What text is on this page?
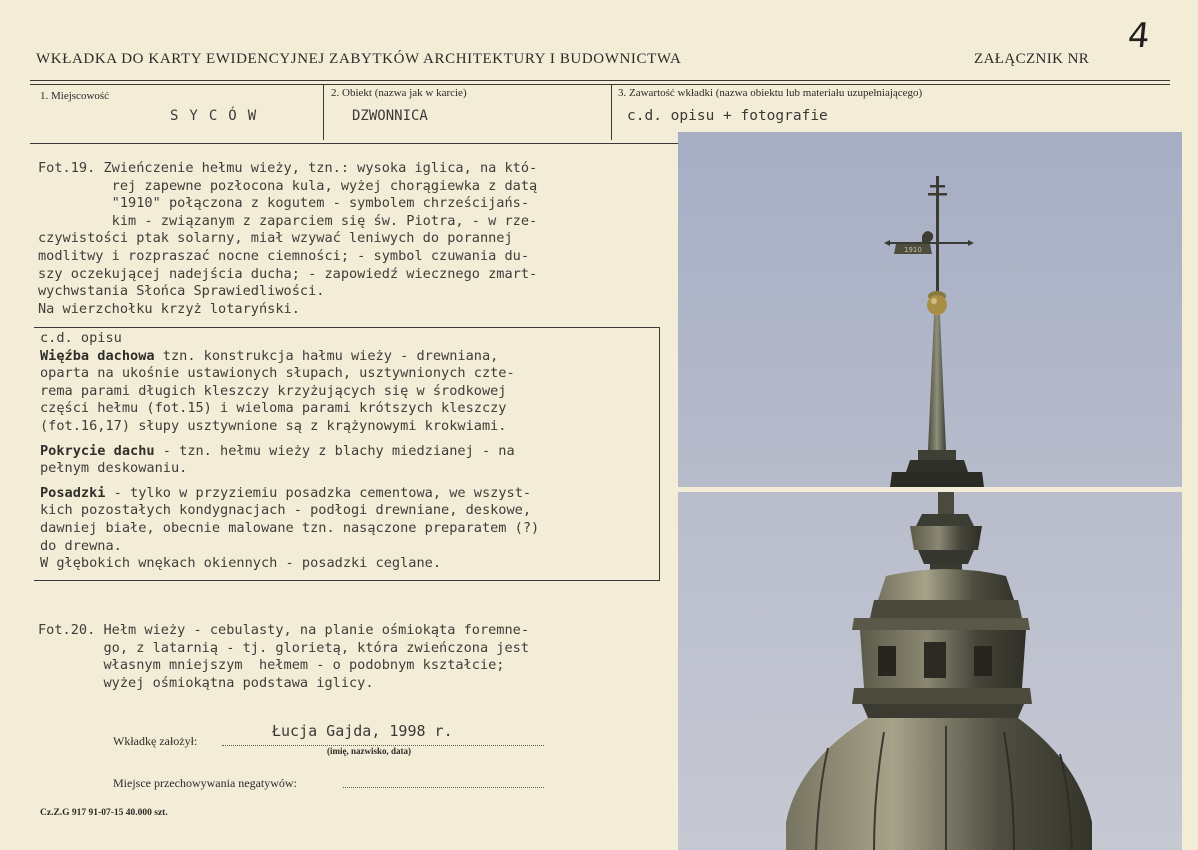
WKŁADKA DO KARTY EWIDENCYJNEJ ZABYTKÓW ARCHITEKTURY I BUDOWNICTWA	ZAŁĄCZNIK NR
4
1. Miejscowość
SYCÓW
2. Obiekt (nazwa jak w karcie)
DZWONNICA
3. Zawartość wkładki (nazwa obiektu lub materiału uzupełniającego)
c.d. opisu + fotografie
Fot.19. Zwieńczenie hełmu wieży, tzn.: wysoka iglica, na któ-
rej zapewne pozłocona kula, wyżej chorągiewka z datą
"1910" połączona z kogutem - symbolem chrześcijańs-
kim - związanym z zaparciem się św. Piotra, - w rze-
czywistości ptak solarny, miał wzywać leniwych do porannej
modlitwy i rozpraszać nocne ciemności; - symbol czuwania du-
szy oczekującej nadejścia ducha; - zapowiedź wiecznego zmart-
wychwstania Słońca Sprawiedliwości.
Na wierzchołku krzyż lotaryński.
c.d. opisu
Więźba dachowa tzn. konstrukcja hałmu wieży - drewniana,
oparta na ukośnie ustawionych słupach, usztywnionych czte-
rema parami długich kleszczy krzyżujących się w środkowej
części hełmu (fot.15) i wieloma parami krótszych kleszczy
(fot.16,17) słupy usztywnione są z krążynowymi krokwiami.
Pokrycie dachu - tzn. hełmu wieży z blachy miedzianej - na
pełnym deskowaniu.
Posadzki - tylko w przyziemiu posadzka cementowa, we wszyst-
kich pozostałych kondygnacjach - podłogi drewniane, deskowe,
dawniej białe, obecnie malowane tzn. nasączone preparatem (?)
do drewna.
W głębokich wnękach okiennych - posadzki ceglane.
Fot.20. Hełm wieży - cebulasty, na planie ośmiokąta foremne-
go, z latarnią - tj. glorietą, która zwieńczona jest
własnym mniejszym  hełmem - o podobnym kształcie;
wyżej ośmiokątna podstawa iglicy.
Wkładkę założył:
Łucja Gajda, 1998 r.
(imię, nazwisko, data)
Miejsce przechowywania negatywów:
Cz.Z.G 917 91-07-15 40.000 szt.
1910
